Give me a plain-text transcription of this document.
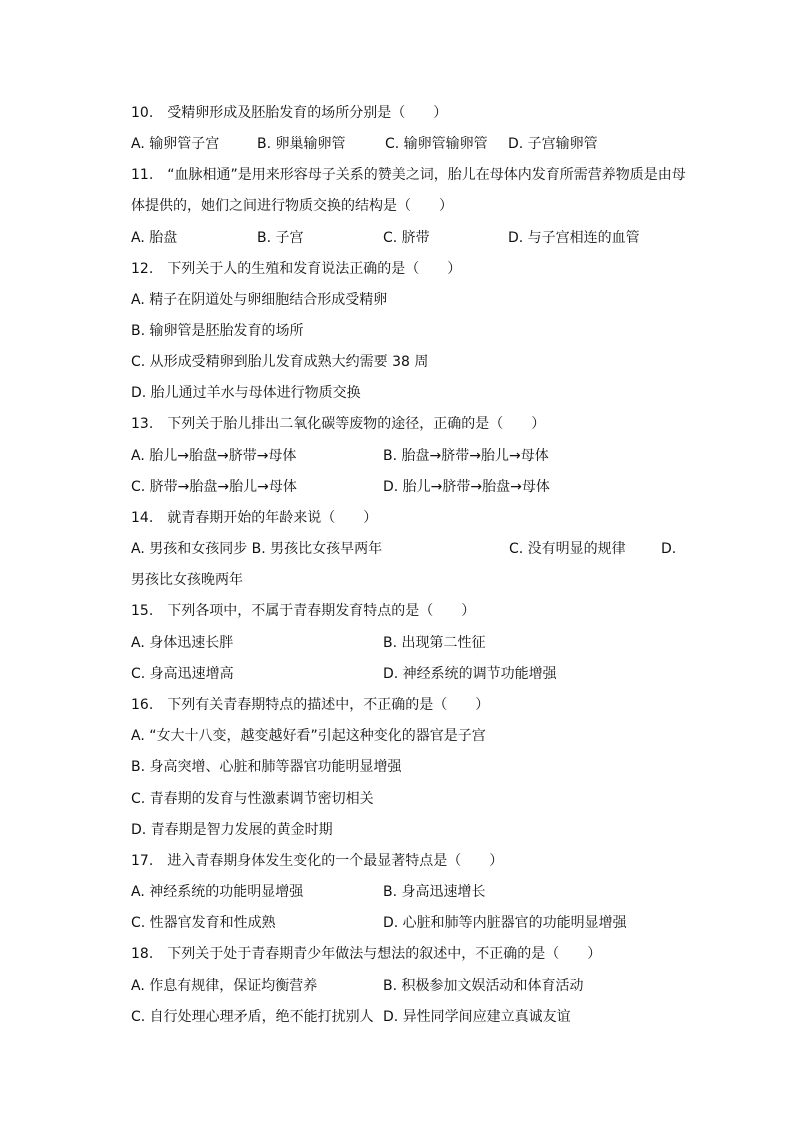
10.　受精卵形成及胚胎发育的场所分别是（　　）
A. 输卵管子宫	B. 卵巢输卵管	C. 输卵管输卵管 D. 子宫输卵管
11.　“血脉相通”是用来形容母子关系的赞美之词，胎儿在母体内发育所需营养物质是由母
体提供的，她们之间进行物质交换的结构是（　　）
A. 胎盘	B. 子宫	C. 脐带	D. 与子宫相连的血管
12.　下列关于人的生殖和发育说法正确的是（　　）
A. 精子在阴道处与卵细胞结合形成受精卵
B. 输卵管是胚胎发育的场所
C. 从形成受精卵到胎儿发育成熟大约需要 38 周
D. 胎儿通过羊水与母体进行物质交换
13.　下列关于胎儿排出二氧化碳等废物的途径，正确的是（　　）
A. 胎儿→胎盘→脐带→母体	B. 胎盘→脐带→胎儿→母体
C. 脐带→胎盘→胎儿→母体	D. 胎儿→脐带→胎盘→母体
14.　就青春期开始的年龄来说（　　）
A. 男孩和女孩同步 B. 男孩比女孩早两年	C. 没有明显的规律	D.
男孩比女孩晚两年
15.　下列各项中，不属于青春期发育特点的是（　　）
A. 身体迅速长胖	B. 出现第二性征
C. 身高迅速增高	D. 神经系统的调节功能增强
16.　下列有关青春期特点的描述中，不正确的是（　　）
A. “女大十八变，越变越好看”引起这种变化的器官是子宫
B. 身高突增、心脏和肺等器官功能明显增强
C. 青春期的发育与性激素调节密切相关
D. 青春期是智力发展的黄金时期
17.　进入青春期身体发生变化的一个最显著特点是（　　）
A. 神经系统的功能明显增强	B. 身高迅速增长
C. 性器官发育和性成熟	D. 心脏和肺等内脏器官的功能明显增强
18.　下列关于处于青春期青少年做法与想法的叙述中，不正确的是（　　）
A. 作息有规律，保证均衡营养	B. 积极参加文娱活动和体育活动
C. 自行处理心理矛盾，绝不能打扰别人 D. 异性同学间应建立真诚友谊
